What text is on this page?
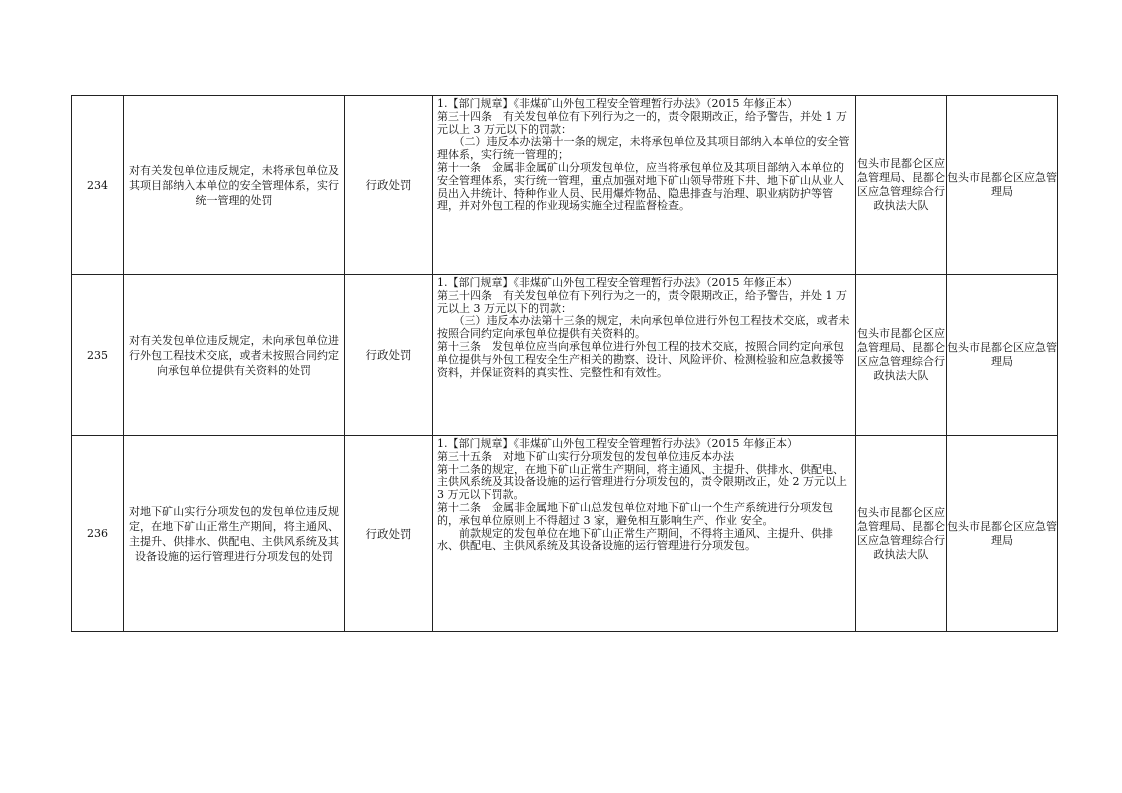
234	对有关发包单位违反规定，未将承包单位及其项目部纳入本单位的安全管理体系，实行统一管理的处罚	行政处罚	1.【部门规章】《非煤矿山外包工程安全管理暂行办法》（2015 年修正本）
第三十四条　有关发包单位有下列行为之一的，责令限期改正，给予警告，并处 1 万元以上 3 万元以下的罚款：
　　（二）违反本办法第十一条的规定，未将承包单位及其项目部纳入本单位的安全管理体系，实行统一管理的；
第十一条　金属非金属矿山分项发包单位，应当将承包单位及其项目部纳入本单位的安全管理体系，实行统一管理，重点加强对地下矿山领导带班下井、地下矿山从业人员出入井统计、特种作业人员、民用爆炸物品、隐患排查与治理、职业病防护等管理，并对外包工程的作业现场实施全过程监督检查。	包头市昆都仑区应急管理局、昆都仑区应急管理综合行政执法大队	包头市昆都仑区应急管理局
235	对有关发包单位违反规定，未向承包单位进行外包工程技术交底，或者未按照合同约定向承包单位提供有关资料的处罚	行政处罚	1.【部门规章】《非煤矿山外包工程安全管理暂行办法》（2015 年修正本）
第三十四条　有关发包单位有下列行为之一的，责令限期改正，给予警告，并处 1 万元以上 3 万元以下的罚款：
　　（三）违反本办法第十三条的规定，未向承包单位进行外包工程技术交底，或者未按照合同约定向承包单位提供有关资料的。
第十三条　发包单位应当向承包单位进行外包工程的技术交底，按照合同约定向承包单位提供与外包工程安全生产相关的勘察、设计、风险评价、检测检验和应急救援等资料，并保证资料的真实性、完整性和有效性。	包头市昆都仑区应急管理局、昆都仑区应急管理综合行政执法大队	包头市昆都仑区应急管理局
236	对地下矿山实行分项发包的发包单位违反规定，在地下矿山正常生产期间，将主通风、主提升、供排水、供配电、主供风系统及其设备设施的运行管理进行分项发包的处罚	行政处罚	1.【部门规章】《非煤矿山外包工程安全管理暂行办法》（2015 年修正本）
第三十五条　对地下矿山实行分项发包的发包单位违反本办法
第十二条的规定，在地下矿山正常生产期间，将主通风、主提升、供排水、供配电、主供风系统及其设备设施的运行管理进行分项发包的，责令限期改正，处 2 万元以上 3 万元以下罚款。
第十二条　金属非金属地下矿山总发包单位对地下矿山一个生产系统进行分项发包的，承包单位原则上不得超过 3 家，避免相互影响生产、作业 安全。
　　前款规定的发包单位在地下矿山正常生产期间，不得将主通风、主提升、供排水、供配电、主供风系统及其设备设施的运行管理进行分项发包。	包头市昆都仑区应急管理局、昆都仑区应急管理综合行政执法大队	包头市昆都仑区应急管理局
